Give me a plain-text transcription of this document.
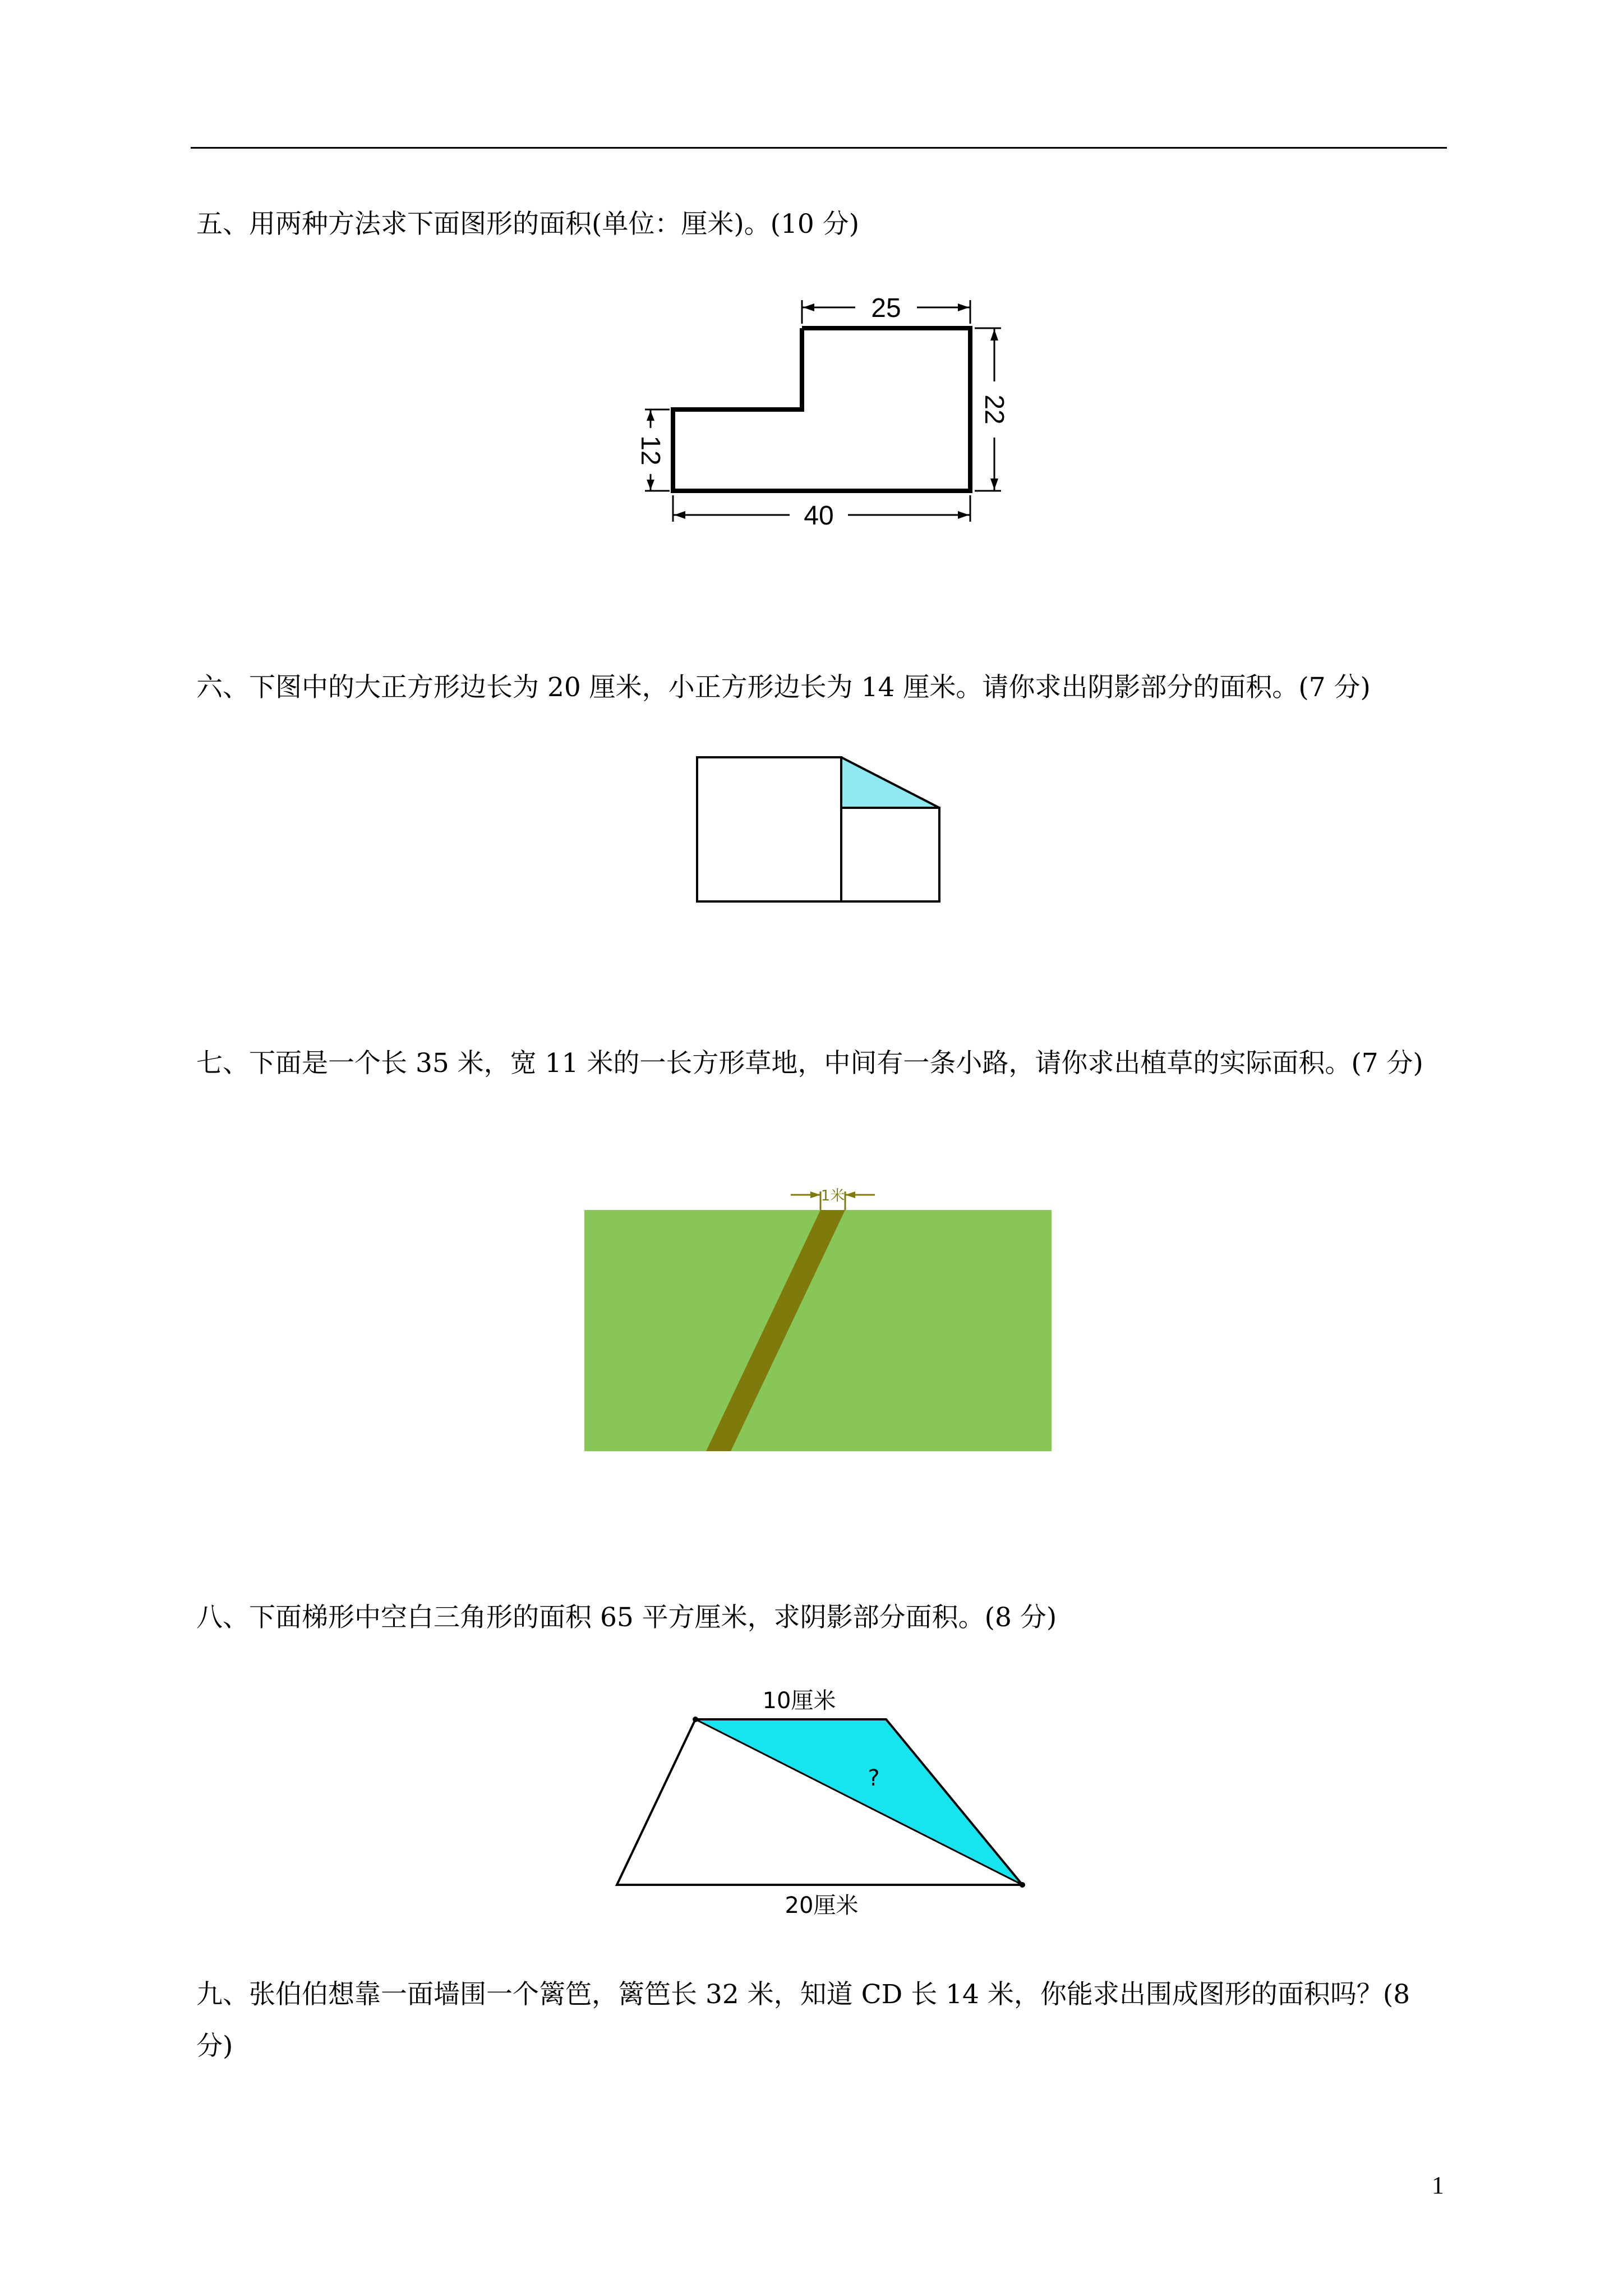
五、用两种方法求下面图形的面积(单位：厘米)。(10 分)
25
22
12
40
六、下图中的大正方形边长为 20 厘米，小正方形边长为 14 厘米。请你求出阴影部分的面积。(7 分)
七、下面是一个长 35 米，宽 11 米的一长方形草地，中间有一条小路，请你求出植草的实际面积。(7 分)
1米
八、下面梯形中空白三角形的面积 65 平方厘米，求阴影部分面积。(8 分)
10厘米
?
20厘米
九、张伯伯想靠一面墙围一个篱笆，篱笆长 32 米，知道 CD 长 14 米，你能求出围成图形的面积吗？(8 分)
1
